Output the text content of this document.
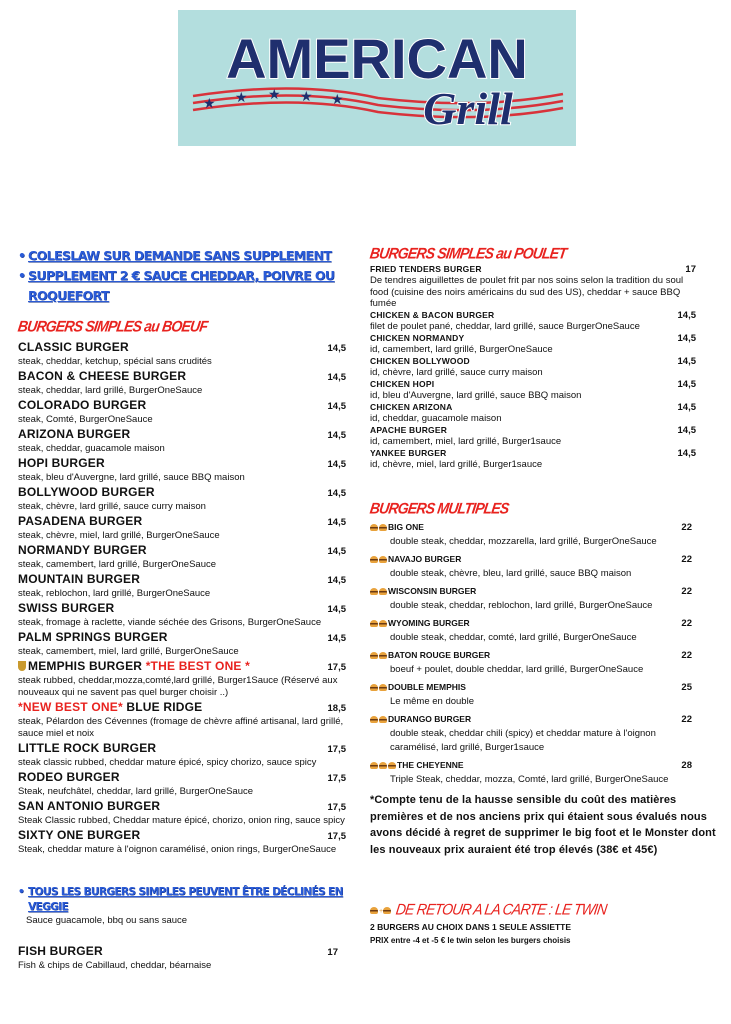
AMERICAN
★ ★ ★ ★ ★ Grill
• COLESLAW SUR DEMANDE SANS SUPPLEMENT
• SUPPLEMENT 2 € SAUCE CHEDDAR, POIVRE OU ROQUEFORT
BURGERS SIMPLES au BOEUF
CLASSIC BURGER	14,5
steak, cheddar, ketchup, spécial sans crudités
BACON & CHEESE BURGER	14,5
steak, cheddar, lard grillé, BurgerOneSauce
COLORADO BURGER	14,5
steak, Comté, BurgerOneSauce
ARIZONA BURGER	14,5
steak, cheddar, guacamole maison
HOPI BURGER	14,5
steak, bleu d'Auvergne, lard grillé, sauce BBQ maison
BOLLYWOOD BURGER	14,5
steak, chèvre, lard grillé, sauce curry maison
PASADENA BURGER	14,5
steak, chèvre, miel, lard grillé, BurgerOneSauce
NORMANDY BURGER	14,5
steak, camembert, lard grillé, BurgerOneSauce
MOUNTAIN BURGER	14,5
steak, reblochon, lard grillé, BurgerOneSauce
SWISS BURGER	14,5
steak, fromage à raclette, viande séchée des Grisons, BurgerOneSauce
PALM SPRINGS BURGER	14,5
steak, camembert, miel, lard grillé, BurgerOneSauce
MEMPHIS BURGER *THE BEST ONE *	17,5
steak rubbed, cheddar,mozza,comté,lard grillé, Burger1Sauce (Réservé aux nouveaux qui ne savent pas quel burger choisir ..)
*NEW BEST ONE* BLUE RIDGE	18,5
steak, Pélardon des Cévennes (fromage de chèvre affiné artisanal, lard grillé, sauce miel et noix
LITTLE ROCK BURGER	17,5
steak classic rubbed, cheddar mature épicé, spicy chorizo, sauce spicy
RODEO BURGER	17,5
Steak, neufchâtel, cheddar, lard grillé, BurgerOneSauce
SAN ANTONIO BURGER	17,5
Steak Classic rubbed, Cheddar mature épicé, chorizo, onion ring, sauce spicy
SIXTY ONE BURGER	17,5
Steak, cheddar mature à l'oignon caramélisé, onion rings, BurgerOneSauce
• TOUS LES BURGERS SIMPLES PEUVENT ÊTRE DÉCLINÉS EN VEGGIE
Sauce guacamole, bbq ou sans sauce
FISH BURGER	17
Fish & chips de Cabillaud, cheddar, béarnaise
BURGERS SIMPLES au POULET
FRIED TENDERS BURGER	17
De tendres aiguillettes de poulet frit par nos soins selon la tradition du soul food (cuisine des noirs américains du sud des US), cheddar + sauce BBQ fumée
CHICKEN & BACON BURGER	14,5
filet de poulet pané, cheddar, lard grillé, sauce BurgerOneSauce
CHICKEN NORMANDY	14,5
id, camembert, lard grillé, BurgerOneSauce
CHICKEN BOLLYWOOD	14,5
id, chèvre, lard grillé, sauce curry maison
CHICKEN HOPI	14,5
id, bleu d'Auvergne, lard grillé, sauce BBQ maison
CHICKEN ARIZONA	14,5
id, cheddar, guacamole maison
APACHE BURGER	14,5
id, camembert, miel, lard grillé, Burger1sauce
YANKEE BURGER	14,5
id, chèvre, miel, lard grillé, Burger1sauce
BURGERS MULTIPLES
BIG ONE	22
double steak, cheddar, mozzarella, lard grillé, BurgerOneSauce
NAVAJO BURGER	22
double steak, chèvre, bleu, lard grillé, sauce BBQ maison
WISCONSIN BURGER	22
double steak, cheddar, reblochon, lard grillé, BurgerOneSauce
WYOMING BURGER	22
double steak, cheddar, comté, lard grillé, BurgerOneSauce
BATON ROUGE BURGER	22
boeuf + poulet, double cheddar, lard grillé, BurgerOneSauce
DOUBLE MEMPHIS	25
Le même en double
DURANGO BURGER	22
double steak, cheddar chili (spicy) et cheddar mature à l'oignon caramélisé, lard grillé, Burger1sauce
THE CHEYENNE	28
Triple Steak, cheddar, mozza, Comté, lard grillé, BurgerOneSauce
*Compte tenu de la hausse sensible du coût des matières premières et de nos anciens prix qui étaient sous évalués nous avons décidé à regret de supprimer le big foot et le Monster dont les nouveaux prix auraient été trop élevés (38€ et 45€)
+ DE RETOUR A LA CARTE : LE TWIN
2 BURGERS AU CHOIX DANS 1 SEULE ASSIETTE
PRIX entre -4 et -5 € le twin selon les burgers choisis
